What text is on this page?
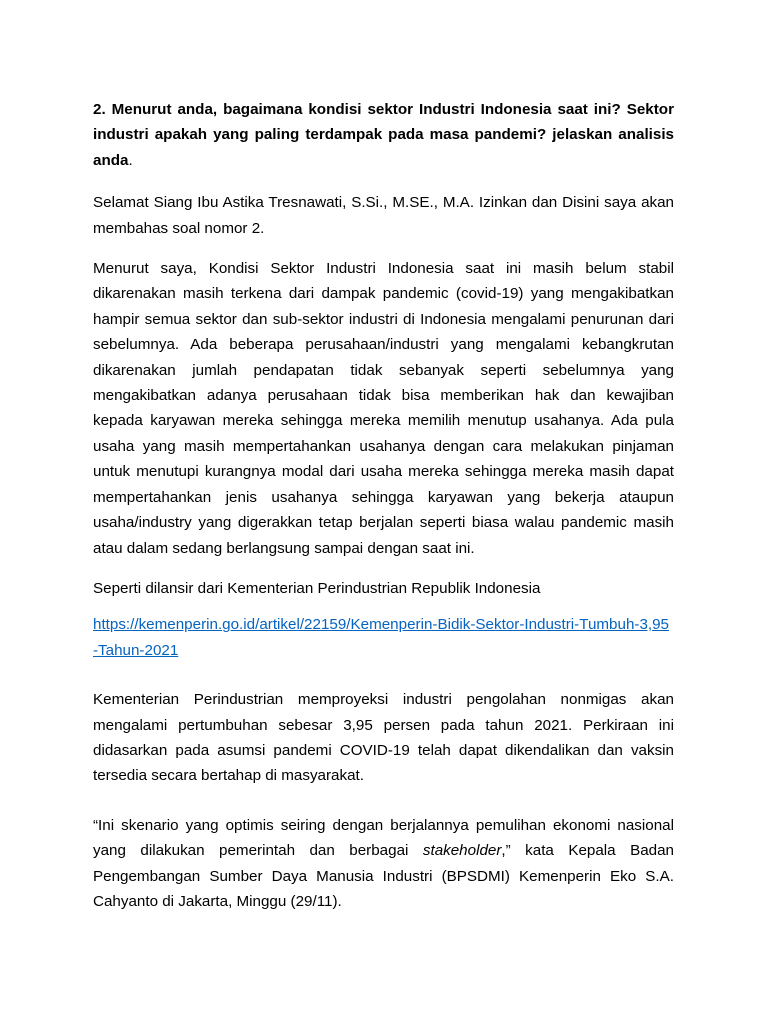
2. Menurut anda, bagaimana kondisi sektor Industri Indonesia saat ini? Sektor industri apakah yang paling terdampak pada masa pandemi? jelaskan analisis anda.

Selamat Siang Ibu Astika Tresnawati, S.Si., M.SE., M.A. Izinkan dan Disini saya akan membahas soal nomor 2.

Menurut saya, Kondisi Sektor Industri Indonesia saat ini masih belum stabil dikarenakan masih terkena dari dampak pandemic (covid-19) yang mengakibatkan hampir semua sektor dan sub-sektor industri di Indonesia mengalami penurunan dari sebelumnya. Ada beberapa perusahaan/industri yang mengalami kebangkrutan dikarenakan jumlah pendapatan tidak sebanyak seperti sebelumnya yang mengakibatkan adanya perusahaan tidak bisa memberikan hak dan kewajiban kepada karyawan mereka sehingga mereka memilih menutup usahanya. Ada pula usaha yang masih mempertahankan usahanya dengan cara melakukan pinjaman untuk menutupi kurangnya modal dari usaha mereka sehingga mereka masih dapat mempertahankan jenis usahanya sehingga karyawan yang bekerja ataupun usaha/industry yang digerakkan tetap berjalan seperti biasa walau pandemic masih atau dalam sedang berlangsung sampai dengan saat ini.

Seperti dilansir dari Kementerian Perindustrian Republik Indonesia

https://kemenperin.go.id/artikel/22159/Kemenperin-Bidik-Sektor-Industri-Tumbuh-3,95-Tahun-2021

Kementerian Perindustrian memproyeksi industri pengolahan nonmigas akan mengalami pertumbuhan sebesar 3,95 persen pada tahun 2021. Perkiraan ini didasarkan pada asumsi pandemi COVID-19 telah dapat dikendalikan dan vaksin tersedia secara bertahap di masyarakat.

“Ini skenario yang optimis seiring dengan berjalannya pemulihan ekonomi nasional yang dilakukan pemerintah dan berbagai stakeholder,” kata Kepala Badan Pengembangan Sumber Daya Manusia Industri (BPSDMI) Kemenperin Eko S.A. Cahyanto di Jakarta, Minggu (29/11).
